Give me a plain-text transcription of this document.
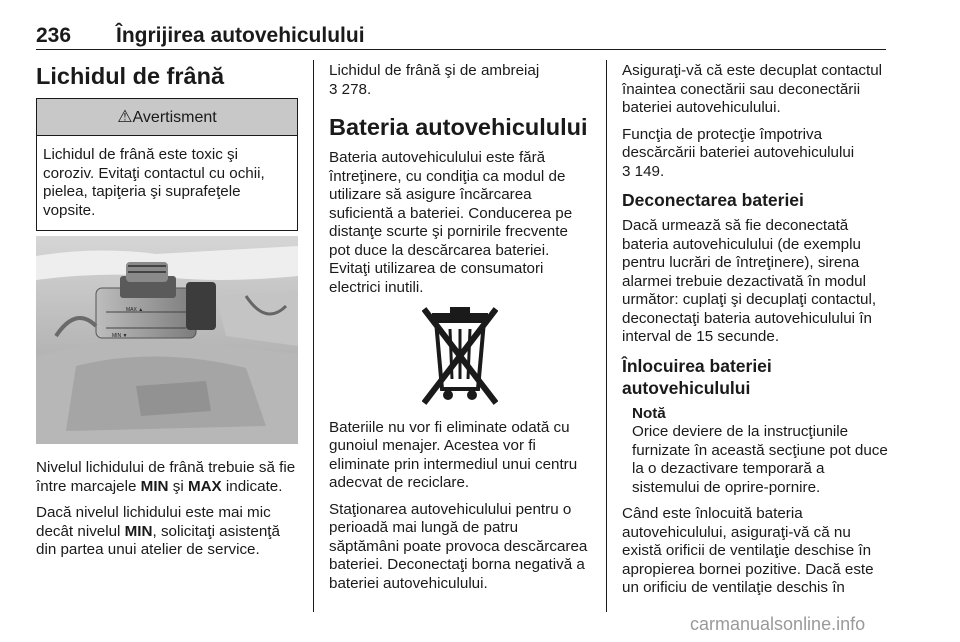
236 Îngrijirea autovehiculului
Lichidul de frână
⚠Avertisment
Lichidul de frână este toxic şi coroziv. Evitaţi contactul cu ochii, pielea, tapiţeria şi suprafeţele vopsite.
MAX ▲
MIN ▼

Nivelul lichidului de frână trebuie să fie între marcajele MIN şi MAX indicate.

Dacă nivelul lichidului este mai mic decât nivelul MIN, solicitaţi asistenţă din partea unui atelier de service.

Lichidul de frână şi de ambreiaj

3 278.

Bateria autovehiculului

Bateria autovehiculului este fără întreţinere, cu condiţia ca modul de utilizare să asigure încărcarea suficientă a bateriei. Conducerea pe distanţe scurte şi pornirile frecvente pot duce la descărcarea bateriei. Evitaţi utilizarea de consumatori electrici inutili.

Bateriile nu vor fi eliminate odată cu gunoiul menajer. Acestea vor fi eliminate prin intermediul unui centru adecvat de reciclare.

Staţionarea autovehiculului pentru o perioadă mai lungă de patru săptămâni poate provoca descărcarea bateriei. Deconectaţi borna negativă a bateriei autovehiculului.

Asiguraţi-vă că este decuplat contactul înaintea conectării sau deconectării bateriei autovehiculului.

Funcţia de protecţie împotriva descărcării bateriei autovehiculului
3 149.

Deconectarea bateriei

Dacă urmează să fie deconectată bateria autovehiculului (de exemplu pentru lucrări de întreţinere), sirena alarmei trebuie dezactivată în modul următor: cuplaţi şi decuplaţi contactul, deconectaţi bateria autovehiculului în interval de 15 secunde.

Înlocuirea bateriei autovehiculului
Notă

Orice deviere de la instrucţiunile furnizate în această secţiune pot duce la o dezactivare temporară a sistemului de oprire-pornire.

Când este înlocuită bateria autovehiculului, asiguraţi-vă că nu există orificii de ventilaţie deschise în apropierea bornei pozitive. Dacă este un orificiu de ventilaţie deschis în

carmanualsonline.info
